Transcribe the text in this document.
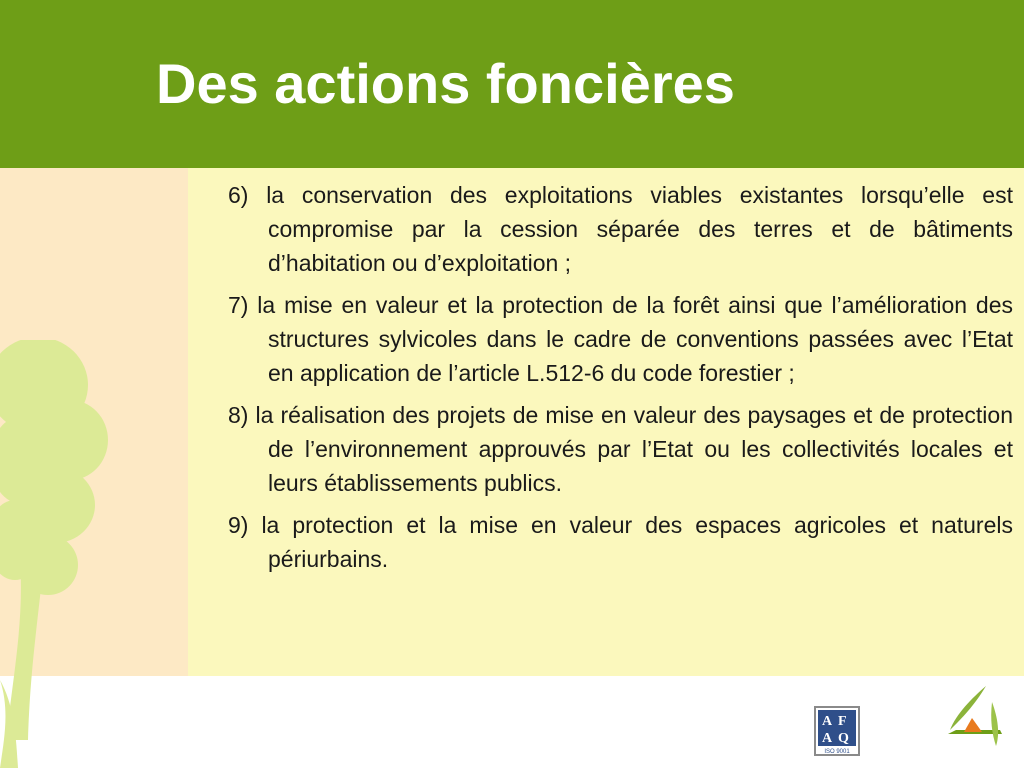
Des actions foncières

6) la conservation des exploitations viables existantes lorsqu’elle est compromise par la cession séparée des terres et de bâtiments d’habitation ou d’exploitation ;

7) la mise en valeur et la protection de la forêt ainsi que l’amélioration des structures sylvicoles dans le cadre de conventions passées avec l’Etat en application de l’article L.512-6 du code forestier ;

8) la réalisation des projets de mise en valeur des paysages et de protection de l’environnement approuvés par l’Etat ou les collectivités locales et leurs établissements publics.

9) la protection et la mise en valeur des espaces agricoles et naturels périurbains.

A F
A Q
ISO 9001
